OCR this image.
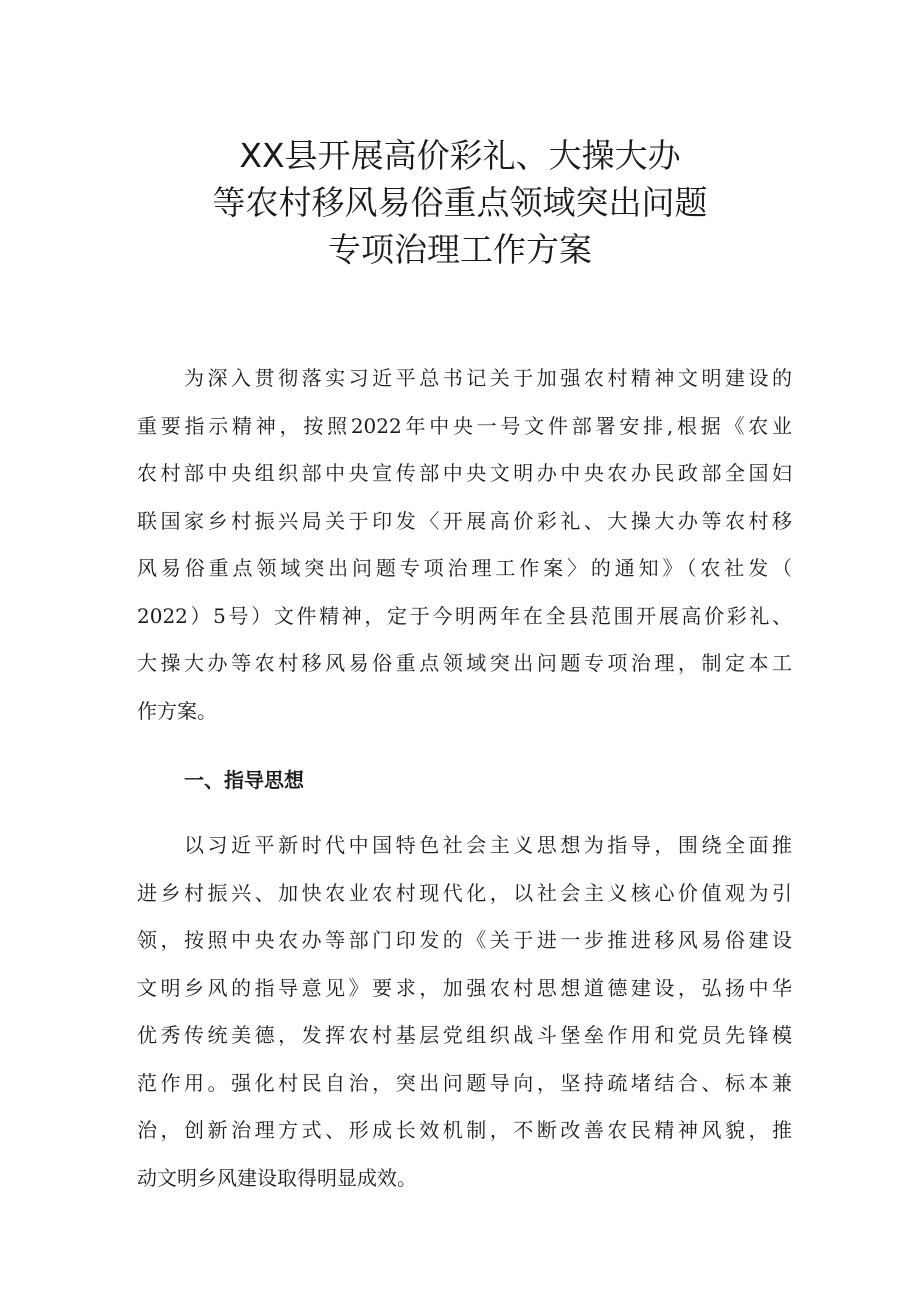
XX县开展高价彩礼、大操大办
等农村移风易俗重点领域突出问题
专项治理工作方案
为深入贯彻落实习近平总书记关于加强农村精神文明建设的
重要指示精神，按照2022年中央一号文件部署安排,根据《农业
农村部中央组织部中央宣传部中央文明办中央农办民政部全国妇
联国家乡村振兴局关于印发〈开展高价彩礼、大操大办等农村移
风易俗重点领域突出问题专项治理工作案〉的通知》（农社发（
2022）5号）文件精神，定于今明两年在全县范围开展高价彩礼、
大操大办等农村移风易俗重点领域突出问题专项治理，制定本工
作方案。
一、指导思想
以习近平新时代中国特色社会主义思想为指导，围绕全面推
进乡村振兴、加快农业农村现代化，以社会主义核心价值观为引
领，按照中央农办等部门印发的《关于进一步推进移风易俗建设
文明乡风的指导意见》要求，加强农村思想道德建设，弘扬中华
优秀传统美德，发挥农村基层党组织战斗堡垒作用和党员先锋模
范作用。强化村民自治，突出问题导向，坚持疏堵结合、标本兼
治，创新治理方式、形成长效机制，不断改善农民精神风貌，推
动文明乡风建设取得明显成效。
